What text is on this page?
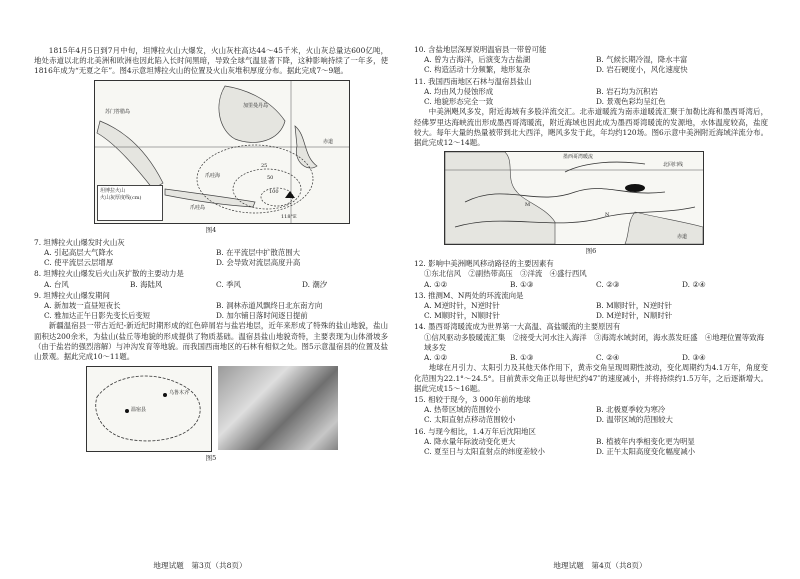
1815年4月5日到7月中旬，坦博拉火山大爆发，火山灰柱高达44～45千米，火山灰总量达600亿吨，地处赤道以北的北美洲和欧洲也因此陷入长时间黑暗，导致全球气温显著下降，这种影响持续了一年多，使1816年成为“无夏之年”。图4示意坦博拉火山的位置及火山灰堆积厚度分布。据此完成7～9题。

加里曼丹岛
苏门答腊岛
爪哇海
爪哇岛
赤道
118°E
25
50
100
坦博拉火山
火山灰厚度线(cm)
图4

7. 坦博拉火山爆发时火山灰

A. 引起高层大气降水	B. 在平流层中扩散范围大
C. 使平流层云层增厚	D. 会导致对流层高度升高

8. 坦博拉火山爆发后火山灰扩散的主要动力是

A. 台风	B. 海陆风	C. 季风	D. 潮汐

9. 坦博拉火山爆发期间

A. 新加坡一直昼短夜长	B. 洞林赤道风飘终日北东南方向
C. 雅加达正午日影先变长后变短	D. 加尔铺日落时间逐日提前

新疆温宿县一带古近纪-新近纪时期形成的红色碎屑岩与盐岩地层，近年来形成了特殊的盐山地貌，盐山面积达200余米，为盐山(盐丘等地貌的形成提供了物质基础。温宿县盐山地貌奇特，主要表现为山体滑坡多（由于盐岩的强烈溶解）与冲沟发育等地貌。而我国西南地区的石林有相似之处。图5示意温宿县的位置及盐山景观。据此完成10～11题。

乌鲁木齐
温宿县
图5
地理试题　第3页（共8页）

10. 含盐地层深厚说明温宿县一带曾可能

A. 曾为古海洋，后演变为古盐湖	B. 气候长期冷湿，降水丰富
C. 构造活动十分频繁，地形复杂	D. 岩石硬度小，风化速度快

11. 我国西南地区石林与温宿县盐山

A. 均由风力侵蚀形成	B. 岩石均为沉积岩
C. 地貌形态完全一致	D. 景观色彩均呈红色

中美洲飓风多发，附近海域有多股洋流交汇。北赤道暖流为南赤道暖流汇聚于加勒比海和墨西哥湾后，经佛罗里达海峡流出形成墨西哥湾暖流，附近海域也因此成为墨西哥湾暖流的发源地，水体温度较高，盐度较大。每年大量的热量被带到北大西洋，飓风多发于此，年均约120场。图6示意中美洲附近海域洋流分布。据此完成12～14题。

墨西哥湾暖流
北回归线
M
N
赤道
图6

12. 影响中美洲飓风移动路径的主要因素有

①东北信风　②副热带高压　③洋流　④盛行西风

A. ①②	B. ①③	C. ②③	D. ②④

13. 推测M、N两处的环流流向是

A. M逆时针，N逆时针	B. M顺时针，N逆时针
C. M顺时针，N顺时针	D. M逆时针，N顺时针

14. 墨西哥湾暖流成为世界第一大高温、高盐暖流的主要原因有

①信风驱动多股暖流汇集　②接受大河水注入海洋　③海湾水域封闭，海水蒸发旺盛　④地理位置等致海域多发

A. ①②	B. ①③	C. ②④	D. ③④

地球在月引力、太阳引力及其他天体作用下，黄赤交角呈现周期性波动，变化周期约为4.1万年，角度变化范围为22.1°～24.5°。目前黄赤交角正以每世纪约47″的速度减小，并将持续约1.5万年，之后逐渐增大。据此完成15～16题。

15. 相较于现今，3 000年前的地球

A. 热带区域的范围较小	B. 北极夏季较为寒冷
C. 太阳直射点移动范围较小	D. 温带区域的范围较大

16. 与现今相比，1.4万年后沈阳地区

A. 降水量年际波动变化更大	B. 植被年内季相变化更为明显
C. 夏至日与太阳直射点的纬度差较小	D. 正午太阳高度变化幅度减小
地理试题　第4页（共8页）
